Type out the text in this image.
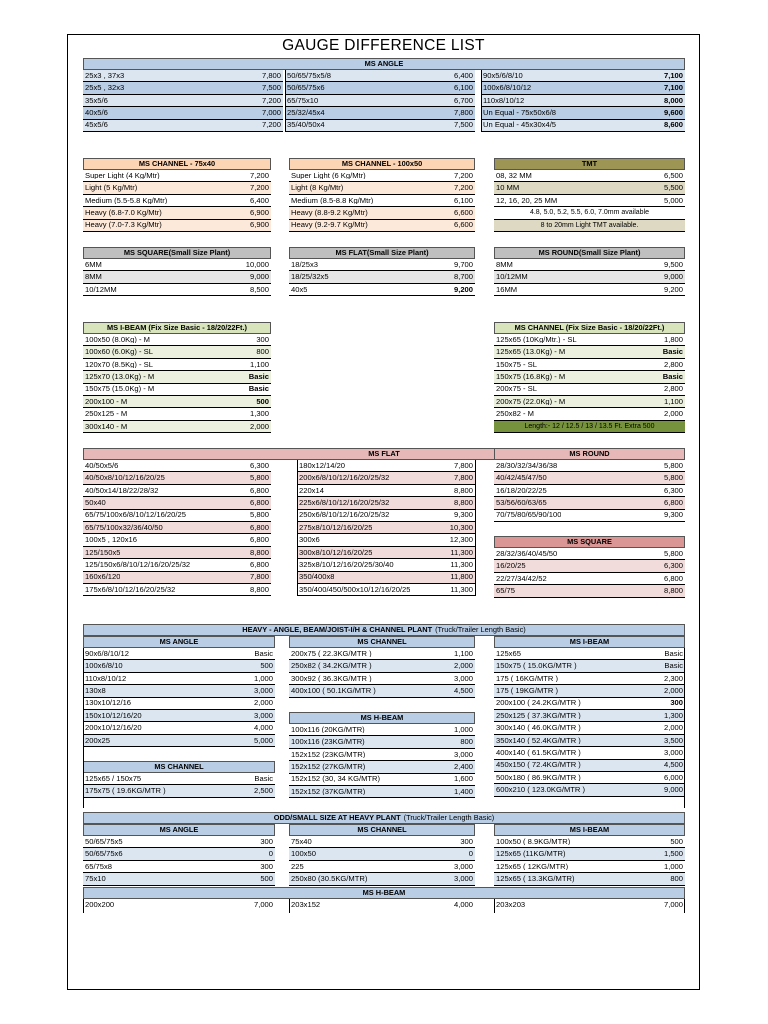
GAUGE DIFFERENCE LIST
MS ANGLE
25x3 , 37x3	7,800
25x5 , 32x3	7,500
35x5/6	7,200
40x5/6	7,000
45x5/6	7,200
50/65/75x5/8	6,400
50/65/75x6	6,100
65/75x10	6,700
25/32/45x4	7,800
35/40/50x4	7,500
90x5/6/8/10	7,100
100x6/8/10/12	7,100
110x8/10/12	8,000
Un Equal - 75x50x6/8	9,600
Un Equal - 45x30x4/5	8,600
MS CHANNEL - 75x40
Super Light (4 Kg/Mtr)	7,200
Light (5 Kg/Mtr)	7,200
Medium (5.5-5.8 Kg/Mtr)	6,400
Heavy (6.8-7.0 Kg/Mtr)	6,900
Heavy (7.0-7.3 Kg/Mtr)	6,900
MS CHANNEL - 100x50
Super Light (6 Kg/Mtr)	7,200
Light (8 Kg/Mtr)	7,200
Medium (8.5-8.8 Kg/Mtr)	6,100
Heavy (8.8-9.2 Kg/Mtr)	6,600
Heavy (9.2-9.7 Kg/Mtr)	6,600
TMT
08, 32 MM	6,500
10 MM	5,500
12, 16, 20, 25 MM	5,000
4.8, 5.0, 5.2, 5.5, 6.0, 7.0mm available
8 to 20mm Light TMT available.
MS SQUARE(Small Size Plant)
6MM	10,000
8MM	9,000
10/12MM	8,500
MS FLAT(Small Size Plant)
18/25x3	9,700
18/25/32x5	8,700
40x5	9,200
MS ROUND(Small Size Plant)
8MM	9,500
10/12MM	9,000
16MM	9,200
MS I-BEAM (Fix Size Basic - 18/20/22Ft.)
100x50 (8.0Kg) - M	300
100x60 (6.0Kg) - SL	800
120x70 (8.5Kg) - SL	1,100
125x70 (13.0Kg) - M	Basic
150x75 (15.0Kg) - M	Basic
200x100 - M	500
250x125 - M	1,300
300x140 - M	2,000
MS CHANNEL (Fix Size Basic - 18/20/22Ft.)
125x65 (10Kg/Mtr.) - SL	1,800
125x65 (13.0Kg) - M	Basic
150x75 - SL	2,800
150x75 (16.8Kg) - M	Basic
200x75 - SL	2,800
200x75 (22.0Kg) - M	1,100
250x82 - M	2,000
Length:- 12 / 12.5 / 13 / 13.5 Ft. Extra 500
MS FLAT	MS ROUND
40/50x5/6	6,300
40/50x8/10/12/16/20/25	5,800
40/50x14/18/22/28/32	6,800
50x40	6,800
65/75/100x6/8/10/12/16/20/25	5,800
65/75/100x32/36/40/50	6,800
100x5 , 120x16	6,800
125/150x5	8,800
125/150x6/8/10/12/16/20/25/32	6,800
160x6/120	7,800
175x6/8/10/12/16/20/25/32	8,800
180x12/14/20	7,800
200x6/8/10/12/16/20/25/32	7,800
220x14	8,800
225x6/8/10/12/16/20/25/32	8,800
250x6/8/10/12/16/20/25/32	9,300
275x8/10/12/16/20/25	10,300
300x6	12,300
300x8/10/12/16/20/25	11,300
325x8/10/12/16/20/25/30/40	11,300
350/400x8	11,800
350/400/450/500x10/12/16/20/25	11,300
28/30/32/34/36/38	5,800
40/42/45/47/50	5,800
16/18/20/22/25	6,300
53/56/60/63/65	6,800
70/75/80/65/90/100	9,300
MS SQUARE
28/32/36/40/45/50	5,800
16/20/25	6,300
22/27/34/42/52	6,800
65/75	8,800
HEAVY - ANGLE, BEAM/JOIST-I/H & CHANNEL PLANT (Truck/Trailer Length Basic)
MS ANGLE
90x6/8/10/12	Basic
100x6/8/10	500
110x8/10/12	1,000
130x8	3,000
130x10/12/16	2,000
150x10/12/16/20	3,000
200x10/12/16/20	4,000
200x25	5,000
MS CHANNEL
125x65 / 150x75	Basic
175x75 ( 19.6KG/MTR )	2,500
MS CHANNEL
200x75 ( 22.3KG/MTR )	1,100
250x82 ( 34.2KG/MTR )	2,000
300x92 ( 36.3KG/MTR )	3,000
400x100 ( 50.1KG/MTR )	4,500
MS H-BEAM
100x116 (20KG/MTR)	1,000
100x116 (23KG/MTR)	800
152x152 (23KG/MTR)	3,000
152x152 (27KG/MTR)	2,400
152x152 (30, 34 KG/MTR)	1,600
152x152 (37KG/MTR)	1,400
MS I-BEAM
125x65	Basic
150x75 ( 15.0KG/MTR )	Basic
175 ( 16KG/MTR )	2,300
175 ( 19KG/MTR )	2,000
200x100 ( 24.2KG/MTR )	300
250x125 ( 37.3KG/MTR )	1,300
300x140 ( 46.0KG/MTR )	2,000
350x140 ( 52.4KG/MTR )	3,500
400x140 ( 61.5KG/MTR )	3,000
450x150 ( 72.4KG/MTR )	4,500
500x180 ( 86.9KG/MTR )	6,000
600x210 ( 123.0KG/MTR )	9,000
ODD/SMALL SIZE AT HEAVY PLANT (Truck/Trailer Length Basic)
MS ANGLE
50/65/75x5	300
50/65/75x6	0
65/75x8	300
75x10	500
MS CHANNEL
75x40	300
100x50	0
225	3,000
250x80 (30.5KG/MTR)	3,000
MS I-BEAM
100x50 ( 8.9KG/MTR)	500
125x65 (11KG/MTR)	1,500
125x65 ( 12KG/MTR)	1,000
125x65 ( 13.3KG/MTR)	800
MS H-BEAM
200x200	7,000 203x152	4,000	203x203	7,000
